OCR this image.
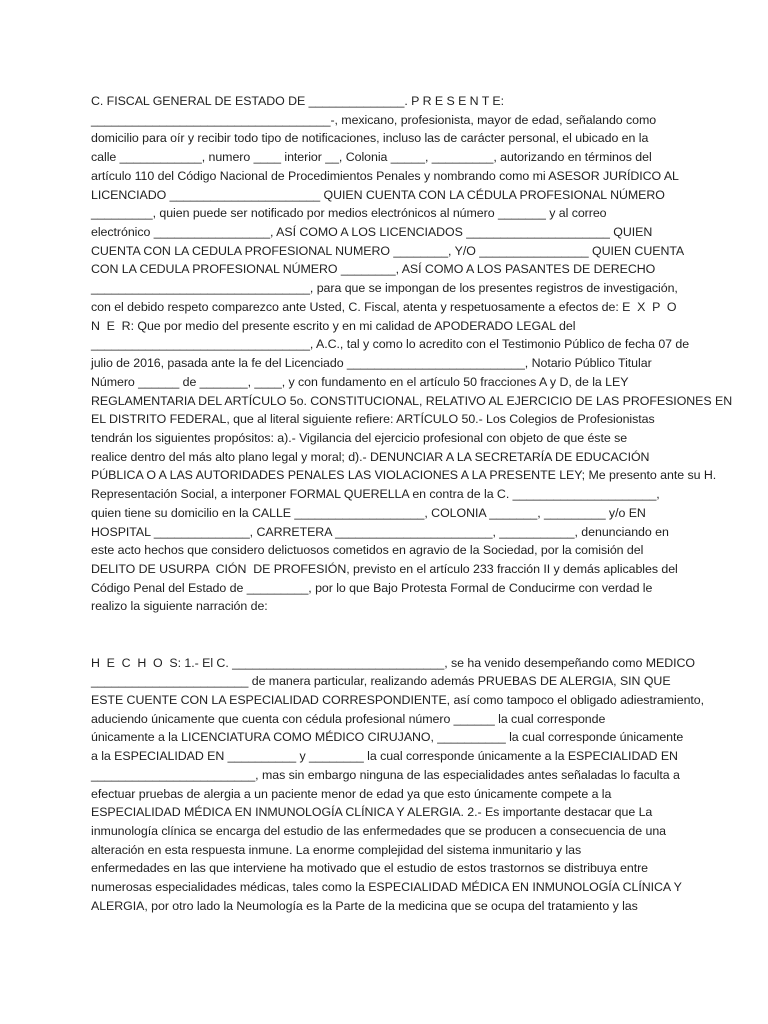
C. FISCAL GENERAL DE ESTADO DE ______________. P R E S E N T E:
___________________________________-, mexicano, profesionista, mayor de edad, señalando como
domicilio para oír y recibir todo tipo de notificaciones, incluso las de carácter personal, el ubicado en la
calle ____________, numero ____ interior __, Colonia _____, _________, autorizando en términos del
artículo 110 del Código Nacional de Procedimientos Penales y nombrando como mi ASESOR JURÍDICO AL
LICENCIADO ______________________ QUIEN CUENTA CON LA CÉDULA PROFESIONAL NÚMERO
_________, quien puede ser notificado por medios electrónicos al número _______ y al correo
electrónico _________________, ASÍ COMO A LOS LICENCIADOS _____________________ QUIEN
CUENTA CON LA CEDULA PROFESIONAL NUMERO ________, Y/O ________________ QUIEN CUENTA
CON LA CEDULA PROFESIONAL NÚMERO ________, ASÍ COMO A LOS PASANTES DE DERECHO
________________________________, para que se impongan de los presentes registros de investigación,
con el debido respeto comparezco ante Usted, C. Fiscal, atenta y respetuosamente a efectos de: E  X  P  O
N  E  R: Que por medio del presente escrito y en mi calidad de APODERADO LEGAL del
________________________________, A.C., tal y como lo acredito con el Testimonio Público de fecha 07 de
julio de 2016, pasada ante la fe del Licenciado __________________________, Notario Público Titular
Número ______ de _______, ____, y con fundamento en el artículo 50 fracciones A y D, de la LEY
REGLAMENTARIA DEL ARTÍCULO 5o. CONSTITUCIONAL, RELATIVO AL EJERCICIO DE LAS PROFESIONES EN
EL DISTRITO FEDERAL, que al literal siguiente refiere: ARTÍCULO 50.- Los Colegios de Profesionistas
tendrán los siguientes propósitos: a).- Vigilancia del ejercicio profesional con objeto de que éste se
realice dentro del más alto plano legal y moral; d).- DENUNCIAR A LA SECRETARÍA DE EDUCACIÓN
PÚBLICA O A LAS AUTORIDADES PENALES LAS VIOLACIONES A LA PRESENTE LEY; Me presento ante su H.
Representación Social, a interponer FORMAL QUERELLA en contra de la C. _____________________,
quien tiene su domicilio en la CALLE ___________________, COLONIA _______, _________ y/o EN
HOSPITAL ______________, CARRETERA _______________________, ___________, denunciando en
este acto hechos que considero delictuosos cometidos en agravio de la Sociedad, por la comisión del
DELITO DE USURPA  CIÓN  DE PROFESIÓN, previsto en el artículo 233 fracción II y demás aplicables del
Código Penal del Estado de _________, por lo que Bajo Protesta Formal de Conducirme con verdad le
realizo la siguiente narración de:
H  E  C  H  O  S: 1.- El C. _______________________________, se ha venido desempeñando como MEDICO
_______________________ de manera particular, realizando además PRUEBAS DE ALERGIA, SIN QUE
ESTE CUENTE CON LA ESPECIALIDAD CORRESPONDIENTE, así como tampoco el obligado adiestramiento,
aduciendo únicamente que cuenta con cédula profesional número ______ la cual corresponde
únicamente a la LICENCIATURA COMO MÉDICO CIRUJANO, __________ la cual corresponde únicamente
a la ESPECIALIDAD EN __________ y ________ la cual corresponde únicamente a la ESPECIALIDAD EN
________________________, mas sin embargo ninguna de las especialidades antes señaladas lo faculta a
efectuar pruebas de alergia a un paciente menor de edad ya que esto únicamente compete a la
ESPECIALIDAD MÉDICA EN INMUNOLOGÍA CLÍNICA Y ALERGIA. 2.- Es importante destacar que La
inmunología clínica se encarga del estudio de las enfermedades que se producen a consecuencia de una
alteración en esta respuesta inmune. La enorme complejidad del sistema inmunitario y las
enfermedades en las que interviene ha motivado que el estudio de estos trastornos se distribuya entre
numerosas especialidades médicas, tales como la ESPECIALIDAD MÉDICA EN INMUNOLOGÍA CLÍNICA Y
ALERGIA, por otro lado la Neumología es la Parte de la medicina que se ocupa del tratamiento y las
